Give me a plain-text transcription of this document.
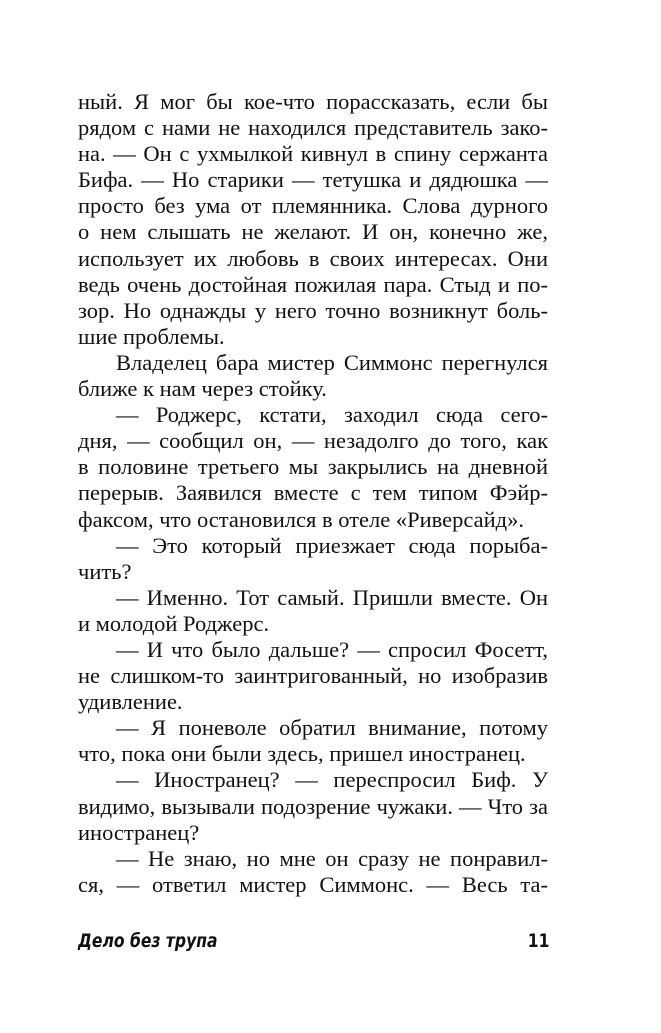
ный. Я мог бы кое-что порассказать, если бы
рядом с нами не находился представитель зако-
на. — Он с ухмылкой кивнул в спину сержанта
Бифа. — Но старики — тетушка и дядюшка —
просто без ума от племянника. Слова дурного
о нем слышать не желают. И он, конечно же,
использует их любовь в своих интересах. Они
ведь очень достойная пожилая пара. Стыд и по-
зор. Но однажды у него точно возникнут боль-
шие проблемы.
Владелец бара мистер Симмонс перегнулся
ближе к нам через стойку.
— Роджерс, кстати, заходил сюда сего-
дня, — сообщил он, — незадолго до того, как
в половине третьего мы закрылись на дневной
перерыв. Заявился вместе с тем типом Фэйр-
факсом, что остановился в отеле «Риверсайд».
— Это который приезжает сюда порыба-
чить?
— Именно. Тот самый. Пришли вместе. Он
и молодой Роджерс.
— И что было дальше? — спросил Фосетт,
не слишком-то заинтригованный, но изобразив
удивление.
— Я поневоле обратил внимание, потому
что, пока они были здесь, пришел иностранец.
— Иностранец? — переспросил Биф. У
видимо, вызывали подозрение чужаки. — Что за
иностранец?
— Не знаю, но мне он сразу не понравил-
ся, — ответил мистер Симмонс. — Весь та-
Дело без трупа	11
